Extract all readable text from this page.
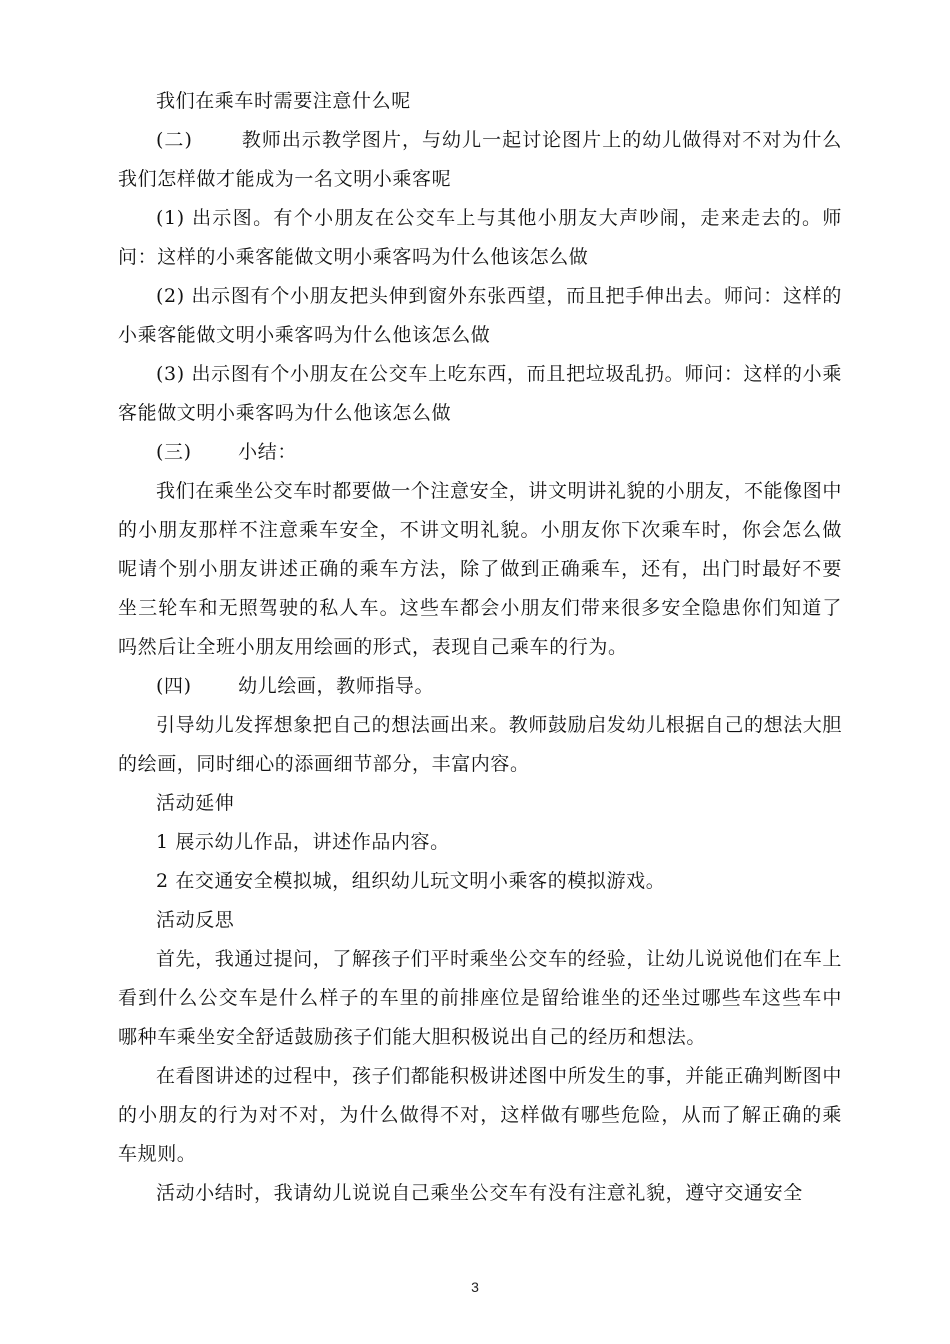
我们在乘车时需要注意什么呢

(二)	教师出示教学图片，与幼儿一起讨论图片上的幼儿做得对不对为什么我们怎样做才能成为一名文明小乘客呢

(1) 出示图。有个小朋友在公交车上与其他小朋友大声吵闹，走来走去的。师问：这样的小乘客能做文明小乘客吗为什么他该怎么做

(2) 出示图有个小朋友把头伸到窗外东张西望，而且把手伸出去。师问：这样的小乘客能做文明小乘客吗为什么他该怎么做

(3) 出示图有个小朋友在公交车上吃东西，而且把垃圾乱扔。师问：这样的小乘客能做文明小乘客吗为什么他该怎么做

(三) 小结：

我们在乘坐公交车时都要做一个注意安全，讲文明讲礼貌的小朋友，不能像图中的小朋友那样不注意乘车安全，不讲文明礼貌。小朋友你下次乘车时，你会怎么做呢请个别小朋友讲述正确的乘车方法，除了做到正确乘车，还有，出门时最好不要坐三轮车和无照驾驶的私人车。这些车都会小朋友们带来很多安全隐患你们知道了吗然后让全班小朋友用绘画的形式，表现自己乘车的行为。

(四) 幼儿绘画，教师指导。

引导幼儿发挥想象把自己的想法画出来。教师鼓励启发幼儿根据自己的想法大胆的绘画，同时细心的添画细节部分，丰富内容。

活动延伸

1 展示幼儿作品，讲述作品内容。

2 在交通安全模拟城，组织幼儿玩文明小乘客的模拟游戏。

活动反思

首先，我通过提问，了解孩子们平时乘坐公交车的经验，让幼儿说说他们在车上看到什么公交车是什么样子的车里的前排座位是留给谁坐的还坐过哪些车这些车中哪种车乘坐安全舒适鼓励孩子们能大胆积极说出自己的经历和想法。

在看图讲述的过程中，孩子们都能积极讲述图中所发生的事，并能正确判断图中的小朋友的行为对不对，为什么做得不对，这样做有哪些危险，从而了解正确的乘车规则。

活动小结时，我请幼儿说说自己乘坐公交车有没有注意礼貌，遵守交通安全

3
